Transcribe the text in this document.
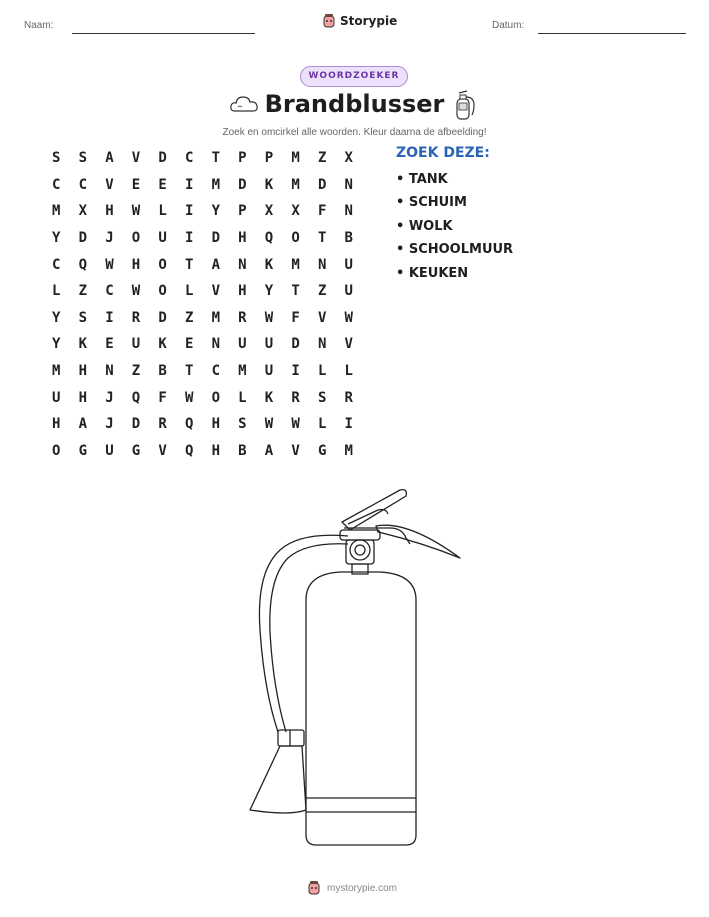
Naam:	Storypie	Datum:
WOORDZOEKER
Brandblusser
Zoek en omcirkel alle woorden. Kleur daarna de afbeelding!
S	S	A	V	D	C	T	P	P	M	Z	X
C	C	V	E	E	I	M	D	K	M	D	N
M	X	H	W	L	I	Y	P	X	X	F	N
Y	D	J	O	U	I	D	H	Q	O	T	B
C	Q	W	H	O	T	A	N	K	M	N	U
L	Z	C	W	O	L	V	H	Y	T	Z	U
Y	S	I	R	D	Z	M	R	W	F	V	W
Y	K	E	U	K	E	N	U	U	D	N	V
M	H	N	Z	B	T	C	M	U	I	L	L
U	H	J	Q	F	W	O	L	K	R	S	R
H	A	J	D	R	Q	H	S	W	W	L	I
O	G	U	G	V	Q	H	B	A	V	G	M
ZOEK DEZE:
• TANK
• SCHUIM
• WOLK
• SCHOOLMUUR
• KEUKEN
mystorypie.com
